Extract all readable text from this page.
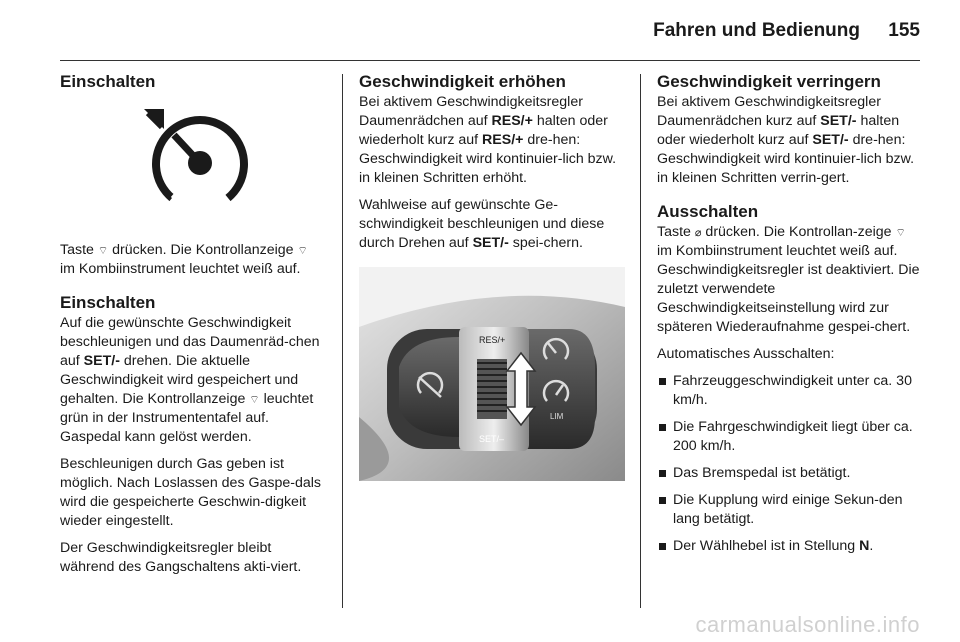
Fahren und Bedienung 155
Einschalten

Taste ⌔ drücken. Die Kontrollanzeige ⌔ im Kombiinstrument leuchtet weiß auf.

Einschalten

Auf die gewünschte Geschwindigkeit beschleunigen und das Daumenräd-chen auf SET/- drehen. Die aktuelle Geschwindigkeit wird gespeichert und gehalten. Die Kontrollanzeige ⌔ leuchtet grün in der Instrumententafel auf. Gaspedal kann gelöst werden.

Beschleunigen durch Gas geben ist möglich. Nach Loslassen des Gaspe-dals wird die gespeicherte Geschwin-digkeit wieder eingestellt.

Der Geschwindigkeitsregler bleibt während des Gangschaltens akti-viert.

Geschwindigkeit erhöhen

Bei aktivem Geschwindigkeitsregler Daumenrädchen auf RES/+ halten oder wiederholt kurz auf RES/+ dre-hen: Geschwindigkeit wird kontinuier-lich bzw. in kleinen Schritten erhöht.

Wahlweise auf gewünschte Ge-schwindigkeit beschleunigen und diese durch Drehen auf SET/- spei-chern.

RES/+
SET/–
LIM
Geschwindigkeit verringern

Bei aktivem Geschwindigkeitsregler Daumenrädchen kurz auf SET/- halten oder wiederholt kurz auf SET/- dre-hen: Geschwindigkeit wird kontinuier-lich bzw. in kleinen Schritten verrin-gert.

Ausschalten

Taste ⌀ drücken. Die Kontrollan-zeige ⌔ im Kombiinstrument leuchtet weiß auf. Geschwindigkeitsregler ist deaktiviert. Die zuletzt verwendete Geschwindigkeitseinstellung wird zur späteren Wiederaufnahme gespei-chert.

Automatisches Ausschalten:

Fahrzeuggeschwindigkeit unter ca. 30 km/h.
Die Fahrgeschwindigkeit liegt über ca. 200 km/h.
Das Bremspedal ist betätigt.
Die Kupplung wird einige Sekun-den lang betätigt.
Der Wählhebel ist in Stellung N.
carmanualsonline.info
